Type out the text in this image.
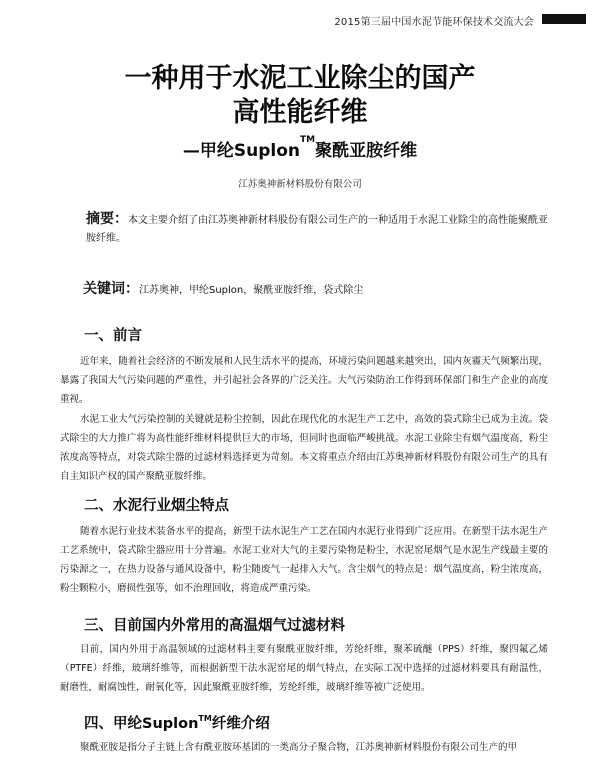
2015第三届中国水泥节能环保技术交流大会
一种用于水泥工业除尘的国产
高性能纤维
—甲纶Suplon™聚酰亚胺纤维
江苏奥神新材料股份有限公司
摘要：本文主要介绍了由江苏奥神新材料股份有限公司生产的一种适用于水泥工业除尘的高性能聚酰亚胺纤维。
关键词：江苏奥神，甲纶Suplon，聚酰亚胺纤维，袋式除尘
一、前言

近年来，随着社会经济的不断发展和人民生活水平的提高，环境污染问题越来越突出，国内灰霾天气频繁出现，暴露了我国大气污染问题的严重性，并引起社会各界的广泛关注。大气污染防治工作得到环保部门和生产企业的高度重视。

水泥工业大气污染控制的关键就是粉尘控制，因此在现代化的水泥生产工艺中，高效的袋式除尘已成为主流。袋式除尘的大力推广将为高性能纤维材料提供巨大的市场，但同时也面临严峻挑战。水泥工业除尘有烟气温度高，粉尘浓度高等特点，对袋式除尘器的过滤材料选择更为苛刻。本文将重点介绍由江苏奥神新材料股份有限公司生产的具有自主知识产权的国产聚酰亚胺纤维。

二、水泥行业烟尘特点

随着水泥行业技术装备水平的提高，新型干法水泥生产工艺在国内水泥行业得到广泛应用。在新型干法水泥生产工艺系统中，袋式除尘器应用十分普遍。水泥工业对大气的主要污染物是粉尘，水泥窑尾烟气是水泥生产线最主要的污染源之一，在热力设备与通风设备中，粉尘随废气一起排入大气。含尘烟气的特点是：烟气温度高，粉尘浓度高，粉尘颗粒小，磨损性强等，如不治理回收，将造成严重污染。

三、目前国内外常用的高温烟气过滤材料

目前，国内外用于高温领域的过滤材料主要有聚酰亚胺纤维，芳纶纤维，聚苯硫醚（PPS）纤维，聚四氟乙烯（PTFE）纤维，玻璃纤维等，而根据新型干法水泥窑尾的烟气特点，在实际工况中选择的过滤材料要具有耐温性，耐磨性，耐腐蚀性，耐氧化等，因此聚酰亚胺纤维，芳纶纤维，玻璃纤维等被广泛使用。

四、甲纶Suplon™纤维介绍

聚酰亚胺是指分子主链上含有酰亚胺环基团的一类高分子聚合物，江苏奥神新材料股份有限公司生产的甲
